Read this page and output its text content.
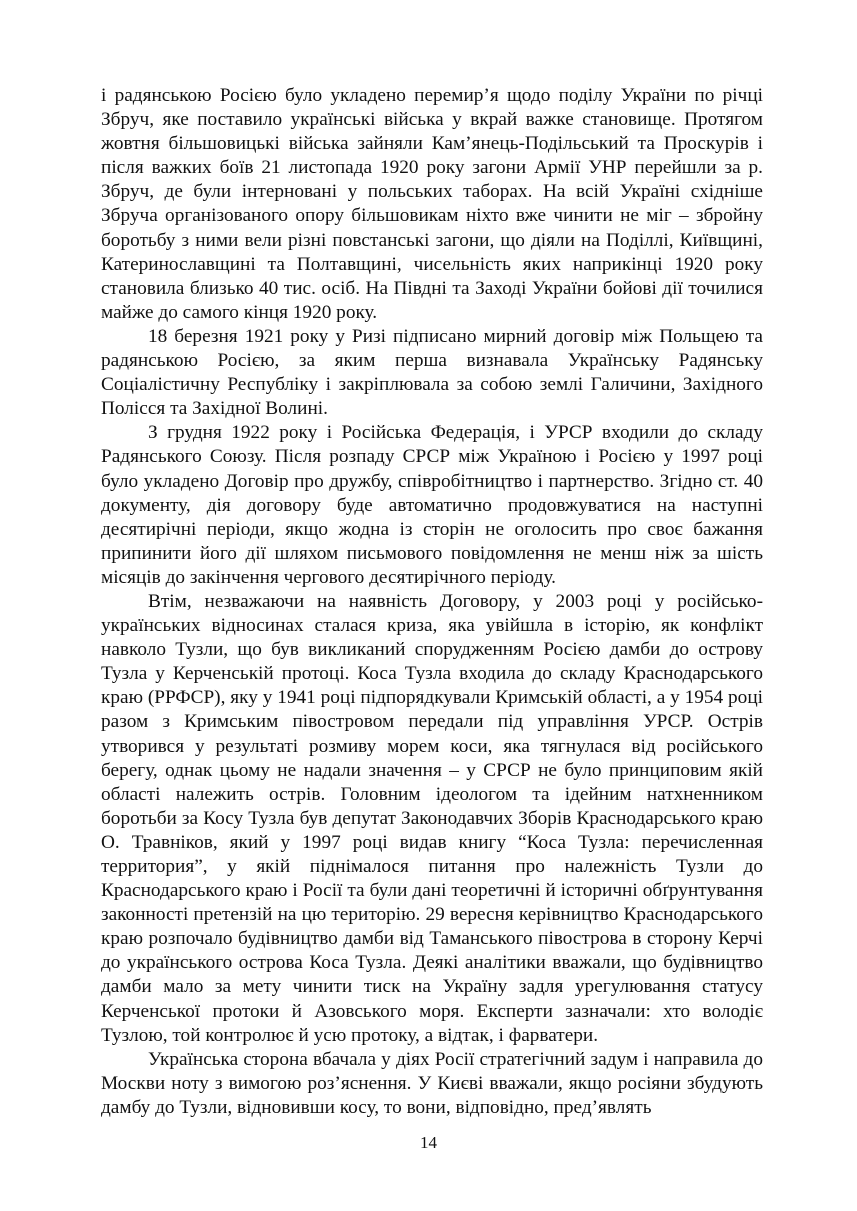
і радянською Росією було укладено перемир’я щодо поділу України по річці Збруч, яке поставило українські війська у вкрай важке становище. Протягом жовтня більшовицькі війська зайняли Кам’янець-Подільський та Проскурів і після важких боїв 21 листопада 1920 року загони Армії УНР перейшли за р. Збруч, де були інтерновані у польських таборах. На всій Україні східніше Збруча організованого опору більшовикам ніхто вже чинити не міг – збройну боротьбу з ними вели різні повстанські загони, що діяли на Поділлі, Київщині, Катеринославщині та Полтавщині, чисельність яких наприкінці 1920 року становила близько 40 тис. осіб. На Півдні та Заході України бойові дії точилися майже до самого кінця 1920 року.

18 березня 1921 року у Ризі підписано мирний договір між Польщею та радянською Росією, за яким перша визнавала Українську Радянську Соціалістичну Республіку і закріплювала за собою землі Галичини, Західного Полісся та Західної Волині.

З грудня 1922 року і Російська Федерація, і УРСР входили до складу Радянського Союзу. Після розпаду СРСР між Україною і Росією у 1997 році було укладено Договір про дружбу, співробітництво і партнерство. Згідно ст. 40 документу, дія договору буде автоматично продовжуватися на наступні десятирічні періоди, якщо жодна із сторін не оголосить про своє бажання припинити його дії шляхом письмового повідомлення не менш ніж за шість місяців до закінчення чергового десятирічного періоду.

Втім, незважаючи на наявність Договору, у 2003 році у російсько-українських відносинах сталася криза, яка увійшла в історію, як конфлікт навколо Тузли, що був викликаний спорудженням Росією дамби до острову Тузла у Керченській протоці. Коса Тузла входила до складу Краснодарського краю (РРФСР), яку у 1941 році підпорядкували Кримській області, а у 1954 році разом з Кримським півостровом передали під управління УРСР. Острів утворився у результаті розмиву морем коси, яка тягнулася від російського берегу, однак цьому не надали значення – у СРСР не було принциповим якій області належить острів. Головним ідеологом та ідейним натхненником боротьби за Косу Тузла був депутат Законодавчих Зборів Краснодарського краю О. Травніков, який у 1997 році видав книгу “Коса Тузла: перечисленная территория”, у якій піднімалося питання про належність Тузли до Краснодарського краю і Росії та були дані теоретичні й історичні обґрунтування законності претензій на цю територію. 29 вересня керівництво Краснодарського краю розпочало будівництво дамби від Таманського півострова в сторону Керчі до українського острова Коса Тузла. Деякі аналітики вважали, що будівництво дамби мало за мету чинити тиск на Україну задля урегулювання статусу Керченської протоки й Азовського моря. Експерти зазначали: хто володіє Тузлою, той контролює й усю протоку, а відтак, і фарватери.

Українська сторона вбачала у діях Росії стратегічний задум і направила до Москви ноту з вимогою роз’яснення. У Києві вважали, якщо росіяни збудують дамбу до Тузли, відновивши косу, то вони, відповідно, пред’являть

14
